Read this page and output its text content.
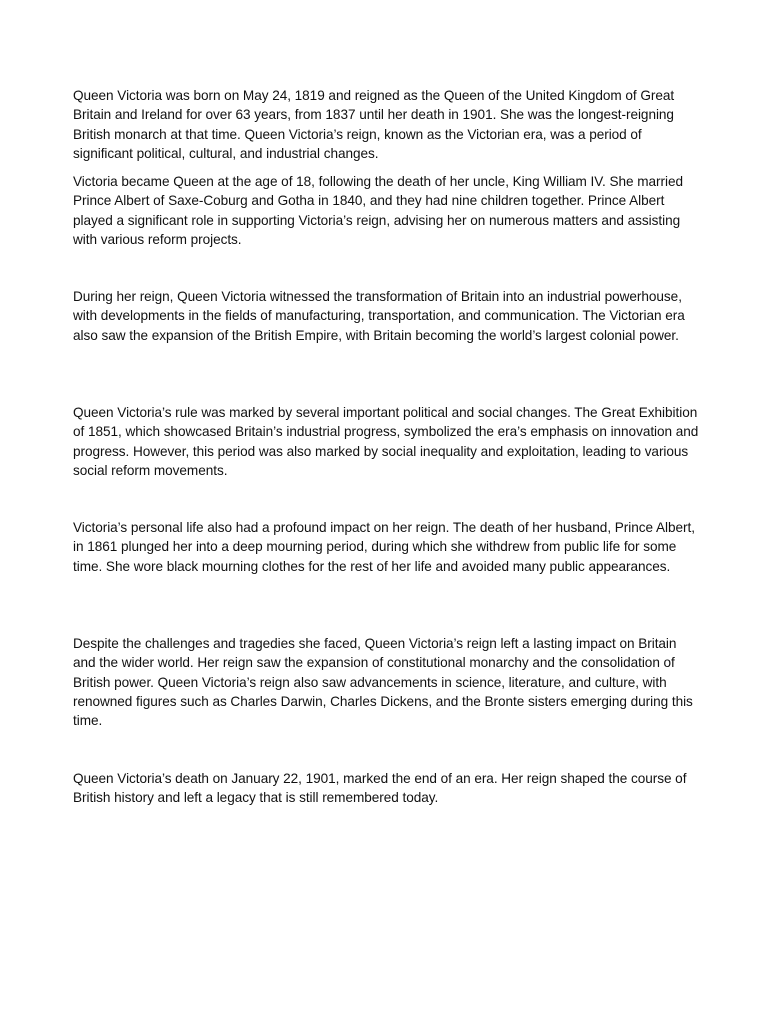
Queen Victoria was born on May 24, 1819 and reigned as the Queen of the United Kingdom of Great Britain and Ireland for over 63 years, from 1837 until her death in 1901. She was the longest-reigning British monarch at that time. Queen Victoria’s reign, known as the Victorian era, was a period of significant political, cultural, and industrial changes.

Victoria became Queen at the age of 18, following the death of her uncle, King William IV. She married Prince Albert of Saxe-Coburg and Gotha in 1840, and they had nine children together. Prince Albert played a significant role in supporting Victoria’s reign, advising her on numerous matters and assisting with various reform projects.

During her reign, Queen Victoria witnessed the transformation of Britain into an industrial powerhouse, with developments in the fields of manufacturing, transportation, and communication. The Victorian era also saw the expansion of the British Empire, with Britain becoming the world’s largest colonial power.

Queen Victoria’s rule was marked by several important political and social changes. The Great Exhibition of 1851, which showcased Britain’s industrial progress, symbolized the era’s emphasis on innovation and progress. However, this period was also marked by social inequality and exploitation, leading to various social reform movements.

Victoria’s personal life also had a profound impact on her reign. The death of her husband, Prince Albert, in 1861 plunged her into a deep mourning period, during which she withdrew from public life for some time. She wore black mourning clothes for the rest of her life and avoided many public appearances.

Despite the challenges and tragedies she faced, Queen Victoria’s reign left a lasting impact on Britain and the wider world. Her reign saw the expansion of constitutional monarchy and the consolidation of British power. Queen Victoria’s reign also saw advancements in science, literature, and culture, with renowned figures such as Charles Darwin, Charles Dickens, and the Bronte sisters emerging during this time.

Queen Victoria’s death on January 22, 1901, marked the end of an era. Her reign shaped the course of British history and left a legacy that is still remembered today.
